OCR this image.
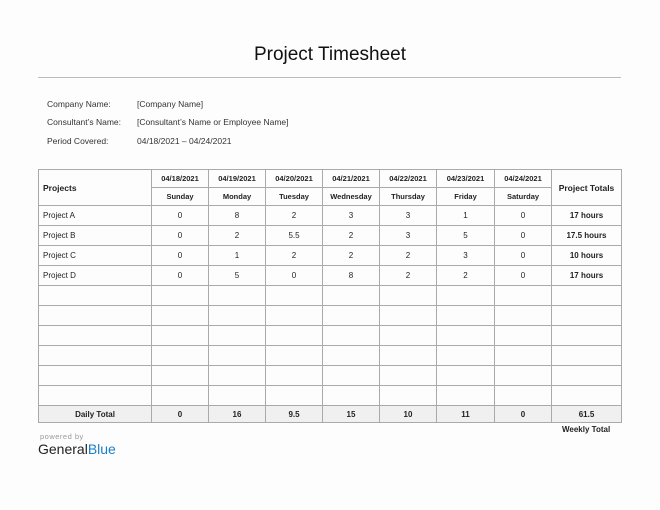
Project Timesheet
Company Name:	[Company Name]
Consultant’s Name: [Consultant’s Name or Employee Name]
Period Covered:	04/18/2021 – 04/24/2021
Projects	04/18/2021	04/19/2021	04/20/2021	04/21/2021	04/22/2021	04/23/2021	04/24/2021	Project Totals
	Sunday	Monday	Tuesday	Wednesday	Thursday	Friday	Saturday	
Project A	0	8	2	3	3	1	0	17 hours
Project B	0	2	5.5	2	3	5	0	17.5 hours
Project C	0	1	2	2	2	3	0	10 hours
Project D	0	5	0	8	2	2	0	17 hours

Daily Total	0	16	9.5	15	10	11	0	61.5
Weekly Total
powered by
GeneralBlue
